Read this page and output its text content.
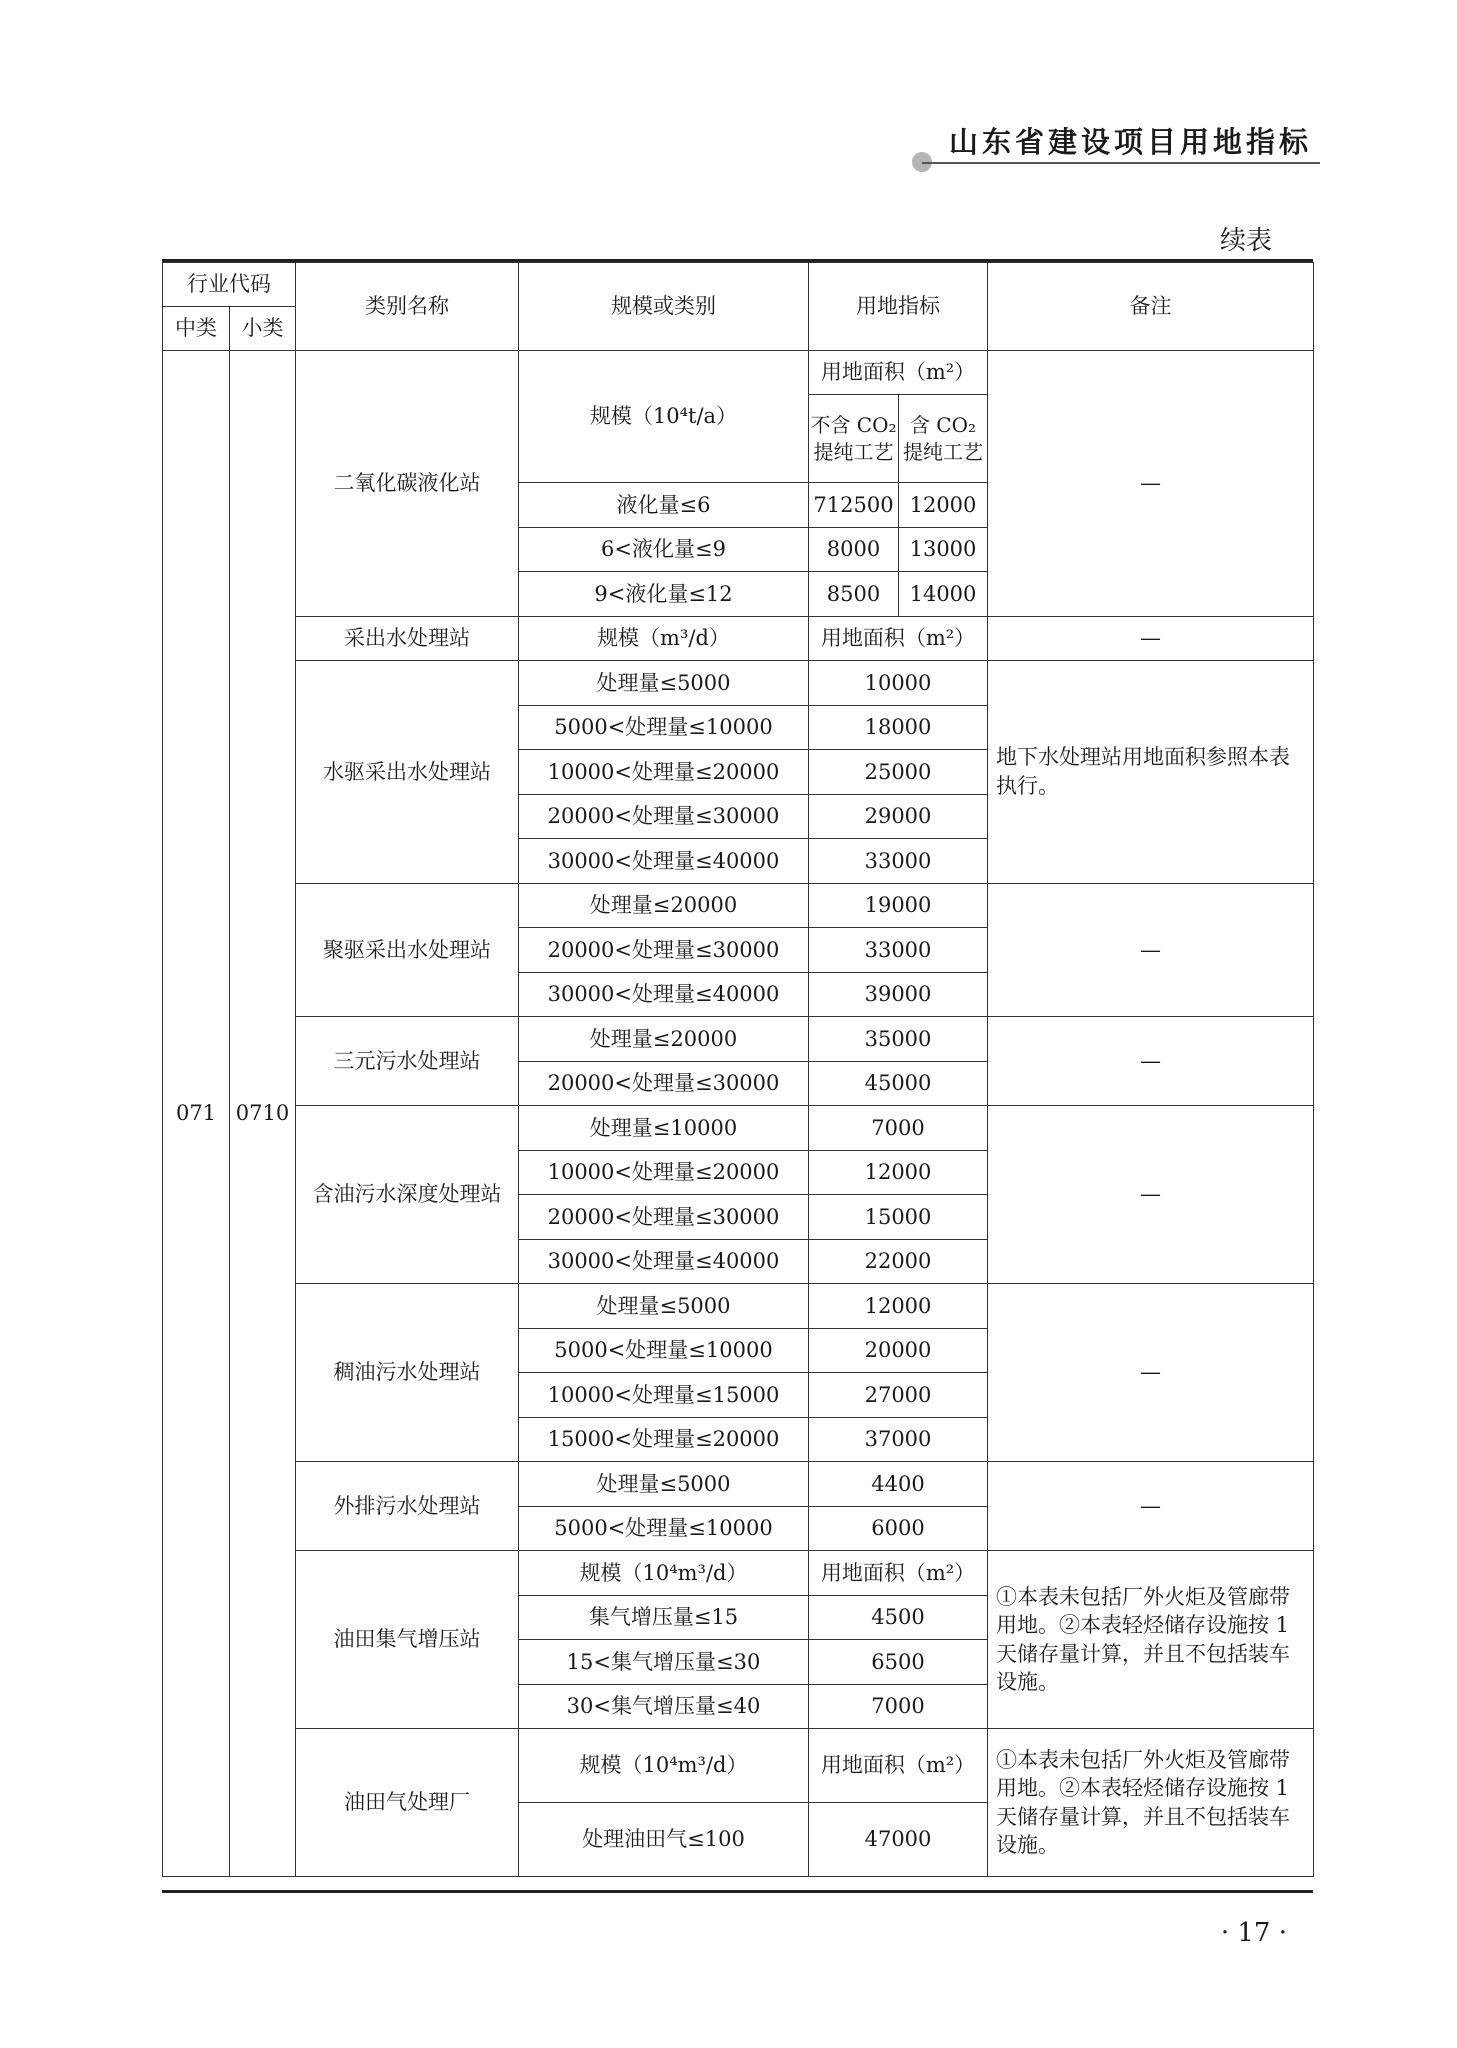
山东省建设项目用地指标
续表
行业代码		类别名称	规模或类别	用地指标		备注
中类	小类					
071	0710	二氧化碳液化站	规模（10⁴t/a）	用地面积（m²）		—
				不含 CO₂ 提纯工艺	含 CO₂ 提纯工艺	

			液化量≤6	712500	12000	
			6<液化量≤9	8000	13000	
			9<液化量≤12	8500	14000	
		采出水处理站	规模（m³/d）	用地面积（m²）		—
		水驱采出水处理站	处理量≤5000	10000		地下水处理站用地面积参照本表执行。
			5000<处理量≤10000	18000		
			10000<处理量≤20000	25000		
			20000<处理量≤30000	29000		
			30000<处理量≤40000	33000		
		聚驱采出水处理站	处理量≤20000	19000		—
			20000<处理量≤30000	33000		
			30000<处理量≤40000	39000		
		三元污水处理站	处理量≤20000	35000		—
			20000<处理量≤30000	45000		
		含油污水深度处理站	处理量≤10000	7000		—
			10000<处理量≤20000	12000		
			20000<处理量≤30000	15000		
			30000<处理量≤40000	22000		
		稠油污水处理站	处理量≤5000	12000		—
			5000<处理量≤10000	20000		
			10000<处理量≤15000	27000		
			15000<处理量≤20000	37000		
		外排污水处理站	处理量≤5000	4400		—
			5000<处理量≤10000	6000		
		油田集气增压站	规模（10⁴m³/d）	用地面积（m²）		①本表未包括厂外火炬及管廊带用地。②本表轻烃储存设施按 1 天储存量计算，并且不包括装车设施。
			集气增压量≤15	4500		
			15<集气增压量≤30	6500		
			30<集气增压量≤40	7000		
		油田气处理厂	规模（10⁴m³/d）	用地面积（m²）		①本表未包括厂外火炬及管廊带用地。②本表轻烃储存设施按 1 天储存量计算，并且不包括装车设施。
			处理油田气≤100	47000		
· 17 ·
